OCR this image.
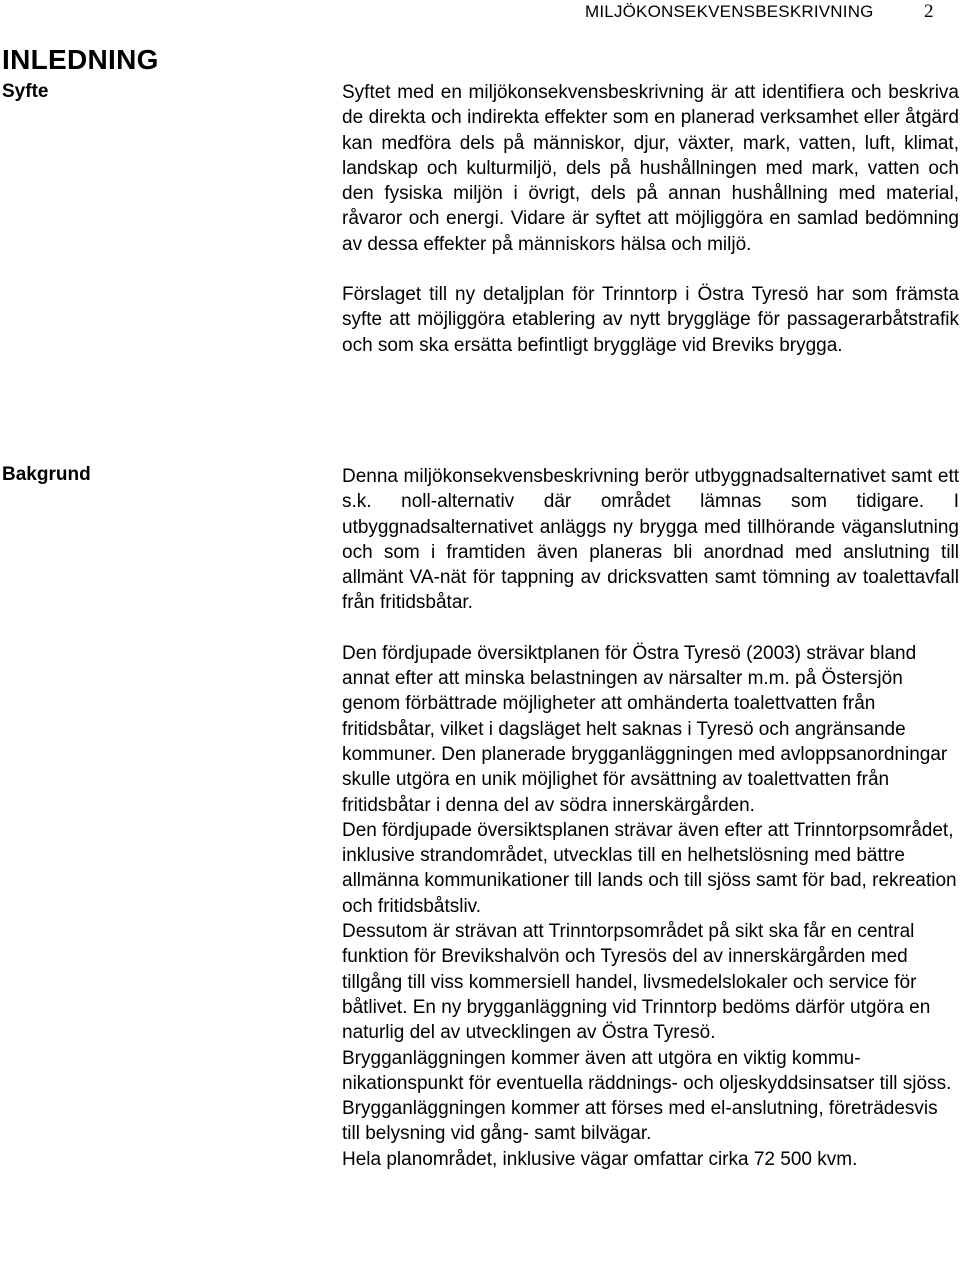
MILJÖKONSEKVENSBESKRIVNING	2
INLEDNING
Syfte	Syftet med en miljökonsekvensbeskrivning är att identifiera och beskriva de direkta och indirekta effekter som en planerad verksamhet eller åtgärd kan medföra dels på människor, djur, växter, mark, vatten, luft, klimat, landskap och kulturmiljö, dels på hushållningen med mark, vatten och den fysiska miljön i övrigt, dels på annan hushållning med material, råvaror och energi. Vidare är syftet att möjliggöra en samlad bedömning av dessa effekter på människors hälsa och miljö.

Förslaget till ny detaljplan för Trinntorp i Östra Tyresö har som främsta syfte att möjliggöra etablering av nytt bryggläge för passagerarbåtstrafik och som ska ersätta befintligt bryggläge vid Breviks brygga.

Bakgrund	Denna miljökonsekvensbeskrivning berör utbyggnadsalternativet samt ett s.k. noll-alternativ där området lämnas som tidigare. I utbyggnadsalternativet anläggs ny brygga med tillhörande väganslutning och som i framtiden även planeras bli anordnad med anslutning till allmänt VA-nät för tappning av dricksvatten samt tömning av toalettavfall från fritidsbåtar.

Den fördjupade översiktplanen för Östra Tyresö (2003) strävar bland annat efter att minska belastningen av närsalter m.m. på Östersjön genom förbättrade möjligheter att omhänderta toalettvatten från fritidsbåtar, vilket i dagsläget helt saknas i Tyresö och angränsande kommuner. Den planerade brygganläggningen med avloppsanordningar skulle utgöra en unik möjlighet för avsättning av toalettvatten från fritidsbåtar i denna del av södra innerskärgården.

Den fördjupade översiktsplanen strävar även efter att Trinntorpsområdet, inklusive strandområdet, utvecklas till en helhetslösning med bättre allmänna kommunikationer till lands och till sjöss samt för bad, rekreation och fritidsbåtsliv.

Dessutom är strävan att Trinntorpsområdet på sikt ska får en central funktion för Brevikshalvön och Tyresös del av innerskärgården med tillgång till viss kommersiell handel, livsmedelslokaler och service för båtlivet. En ny brygganläggning vid Trinntorp bedöms därför utgöra en naturlig del av utvecklingen av Östra Tyresö.

Brygganläggningen kommer även att utgöra en viktig kommunikationspunkt för eventuella räddnings- och oljeskyddsinsatser till sjöss.

Brygganläggningen kommer att förses med el-anslutning, företrädesvis till belysning vid gång- samt bilvägar.

Hela planområdet, inklusive vägar omfattar cirka 72 500 kvm.
